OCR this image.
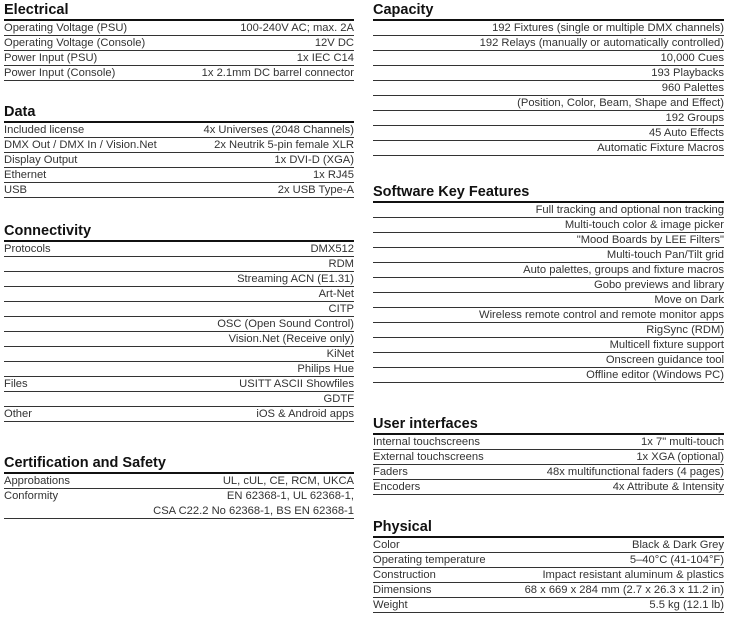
Electrical
Operating Voltage (PSU)	100-240V AC; max. 2A
Operating Voltage (Console)	12V DC
Power Input (PSU)	1x IEC C14
Power Input (Console)	1x 2.1mm DC barrel connector
Data
Included license	4x Universes (2048 Channels)
DMX Out / DMX In / Vision.Net	2x Neutrik 5-pin female XLR
Display Output	1x DVI-D (XGA)
Ethernet	1x RJ45
USB	2x USB Type-A
Connectivity
Protocols	DMX512
RDM
Streaming ACN (E1.31)
Art-Net
CITP
OSC (Open Sound Control)
Vision.Net (Receive only)
KiNet
Philips Hue
Files	USITT ASCII Showfiles
GDTF
Other	iOS & Android apps
Certification and Safety
Approbations	UL, cUL, CE, RCM, UKCA
Conformity	EN 62368-1, UL 62368-1,
CSA C22.2 No 62368-1, BS EN 62368-1
Capacity
192 Fixtures (single or multiple DMX channels)
192 Relays (manually or automatically controlled)
10,000 Cues
193 Playbacks
960 Palettes
(Position, Color, Beam, Shape and Effect)
192 Groups
45 Auto Effects
Automatic Fixture Macros
Software Key Features
Full tracking and optional non tracking
Multi-touch color & image picker
"Mood Boards by LEE Filters"
Multi-touch Pan/Tilt grid
Auto palettes, groups and fixture macros
Gobo previews and library
Move on Dark
Wireless remote control and remote monitor apps
RigSync (RDM)
Multicell fixture support
Onscreen guidance tool
Offline editor (Windows PC)
User interfaces
Internal touchscreens	1x 7" multi-touch
External touchscreens	1x XGA (optional)
Faders	48x multifunctional faders (4 pages)
Encoders	4x Attribute & Intensity
Physical
Color	Black & Dark Grey
Operating temperature	5–40°C (41-104°F)
Construction	Impact resistant aluminum & plastics
Dimensions	68 x 669 x 284 mm (2.7 x 26.3 x 11.2 in)
Weight	5.5 kg (12.1 lb)
